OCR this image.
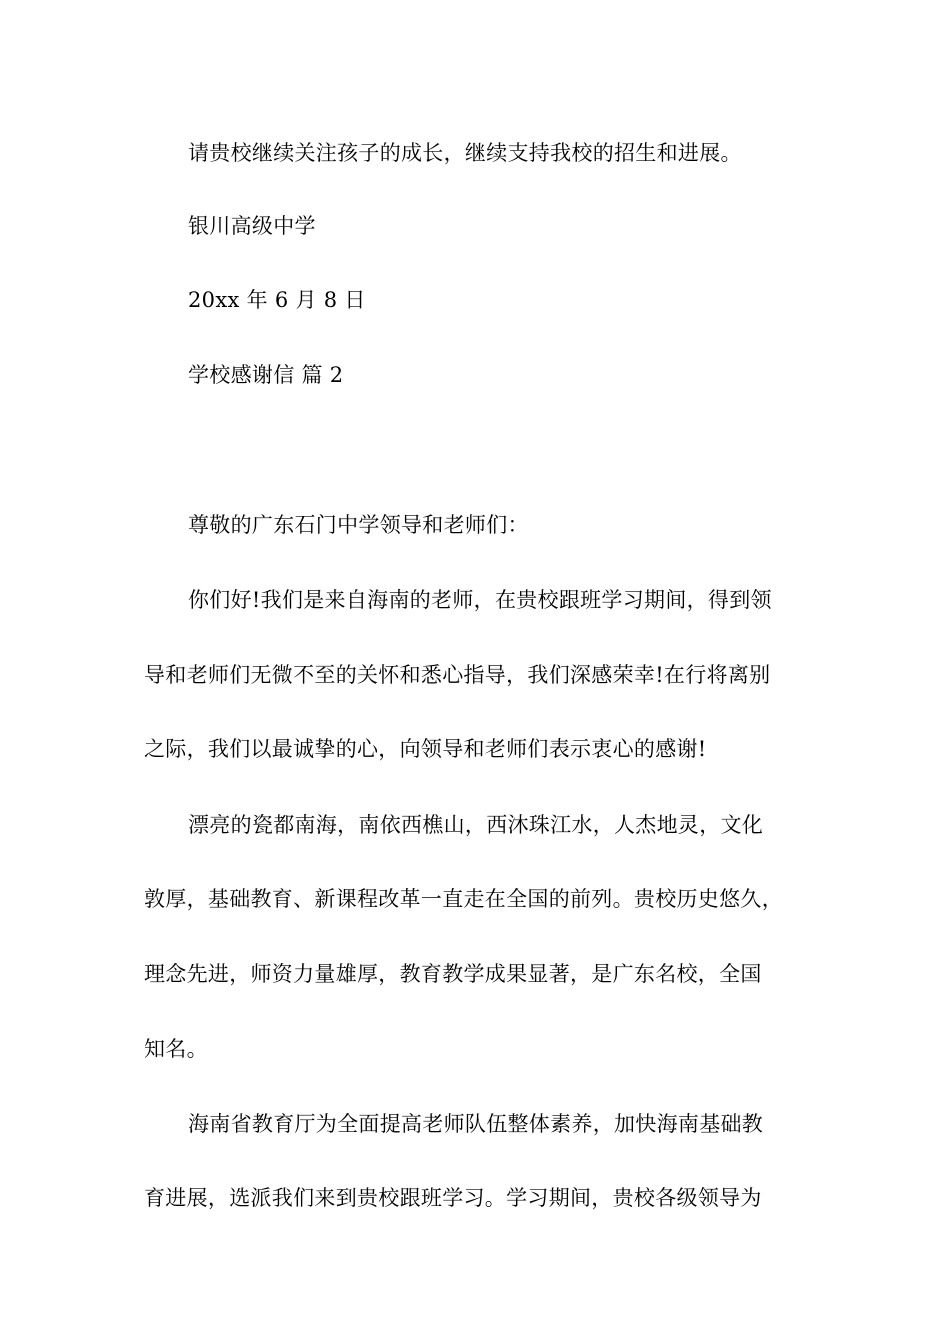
请贵校继续关注孩子的成长，继续支持我校的招生和进展。

银川高级中学

20xx 年 6 月 8 日

学校感谢信 篇 2

尊敬的广东石门中学领导和老师们：

你们好!我们是来自海南的老师，在贵校跟班学习期间，得到领

导和老师们无微不至的关怀和悉心指导，我们深感荣幸!在行将离别

之际，我们以最诚挚的心，向领导和老师们表示衷心的感谢!

漂亮的瓷都南海，南依西樵山，西沐珠江水，人杰地灵，文化

敦厚，基础教育、新课程改革一直走在全国的前列。贵校历史悠久，

理念先进，师资力量雄厚，教育教学成果显著，是广东名校，全国

知名。

海南省教育厅为全面提高老师队伍整体素养，加快海南基础教

育进展，选派我们来到贵校跟班学习。学习期间，贵校各级领导为
